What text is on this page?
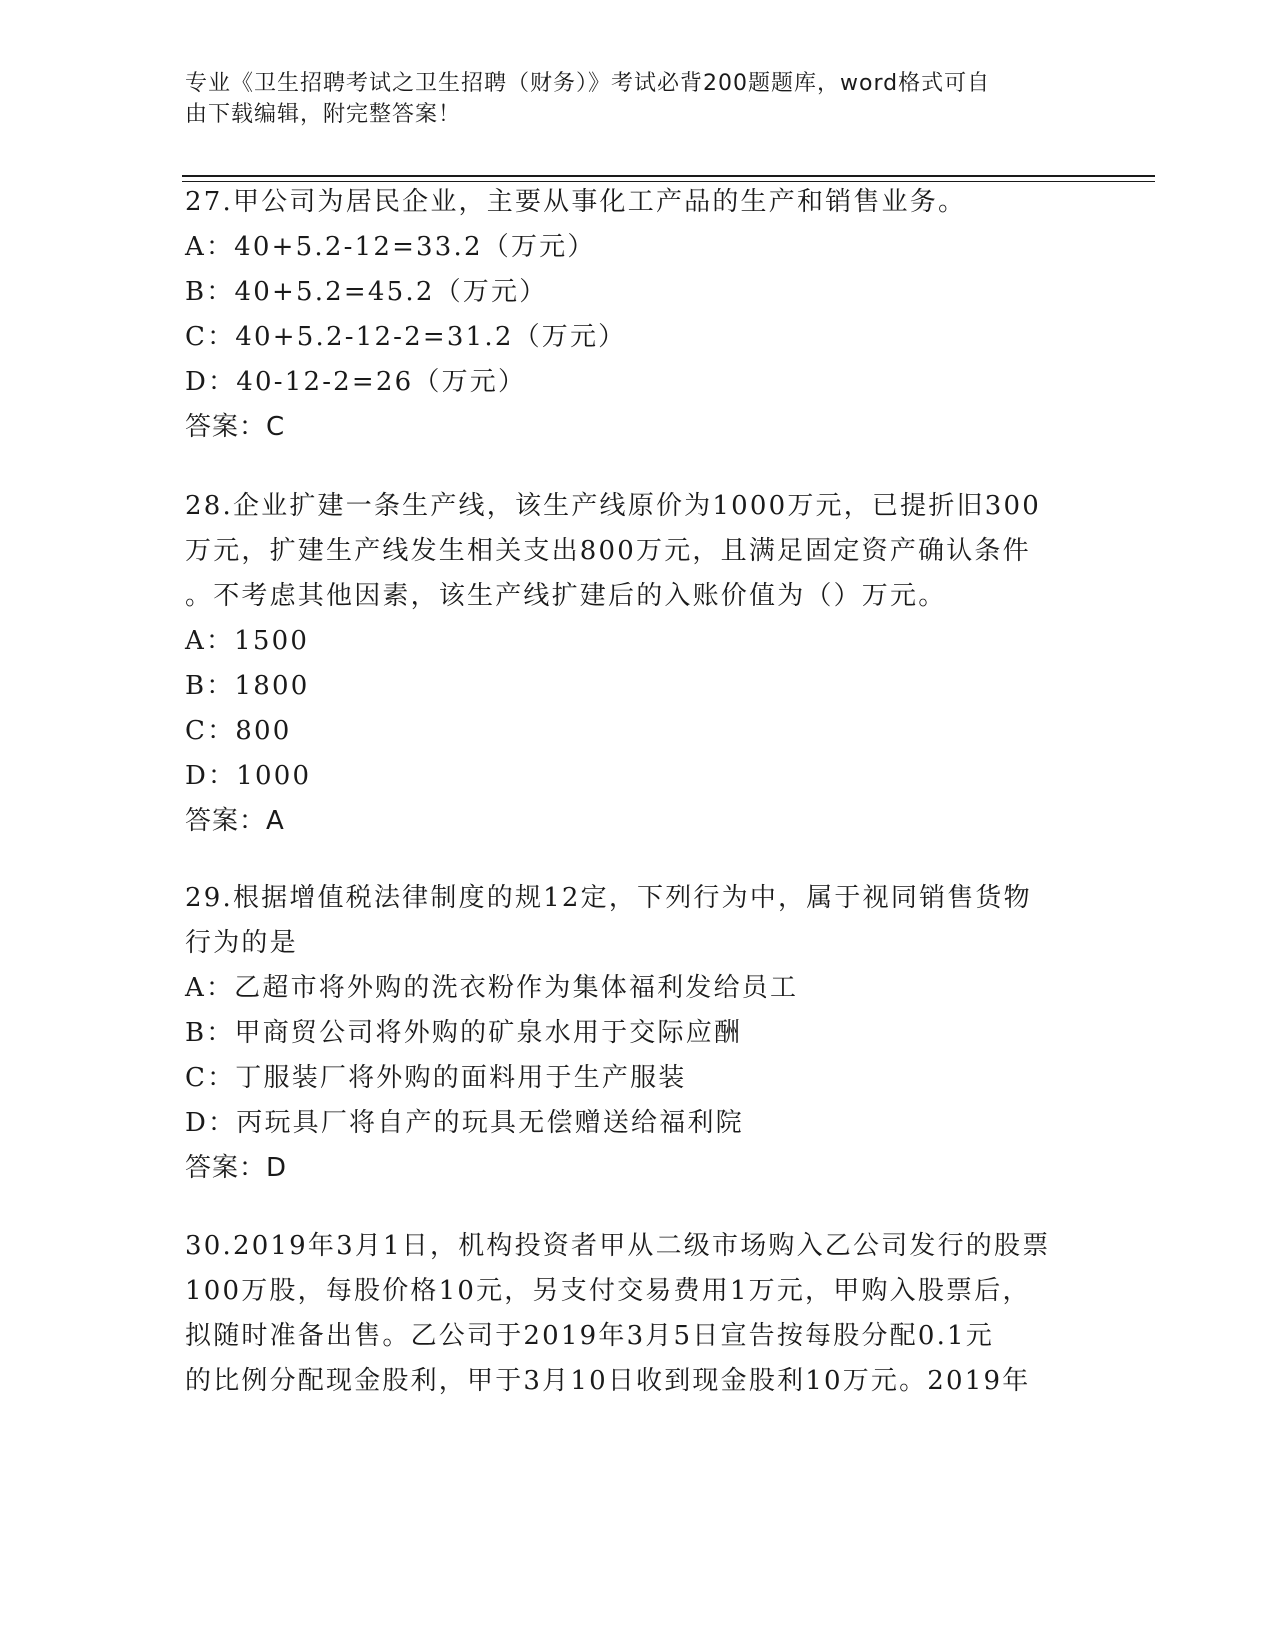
专业《卫生招聘考试之卫生招聘（财务）》考试必背200题题库，word格式可自
由下载编辑，附完整答案！
27.甲公司为居民企业，主要从事化工产品的生产和销售业务。
A：40+5.2-12=33.2（万元）
B：40+5.2=45.2（万元）
C：40+5.2-12-2=31.2（万元）
D：40-12-2=26（万元）
答案：C
28.企业扩建一条生产线，该生产线原价为1000万元，已提折旧300
万元，扩建生产线发生相关支出800万元，且满足固定资产确认条件
。不考虑其他因素，该生产线扩建后的入账价值为（）万元。
A：1500
B：1800
C：800
D：1000
答案：A
29.根据增值税法律制度的规12定，下列行为中，属于视同销售货物
行为的是
A：乙超市将外购的洗衣粉作为集体福利发给员工
B：甲商贸公司将外购的矿泉水用于交际应酬
C：丁服装厂将外购的面料用于生产服装
D：丙玩具厂将自产的玩具无偿赠送给福利院
答案：D
30.2019年3月1日，机构投资者甲从二级市场购入乙公司发行的股票
100万股，每股价格10元，另支付交易费用1万元，甲购入股票后，
拟随时准备出售。乙公司于2019年3月5日宣告按每股分配0.1元
的比例分配现金股利，甲于3月10日收到现金股利10万元。2019年
